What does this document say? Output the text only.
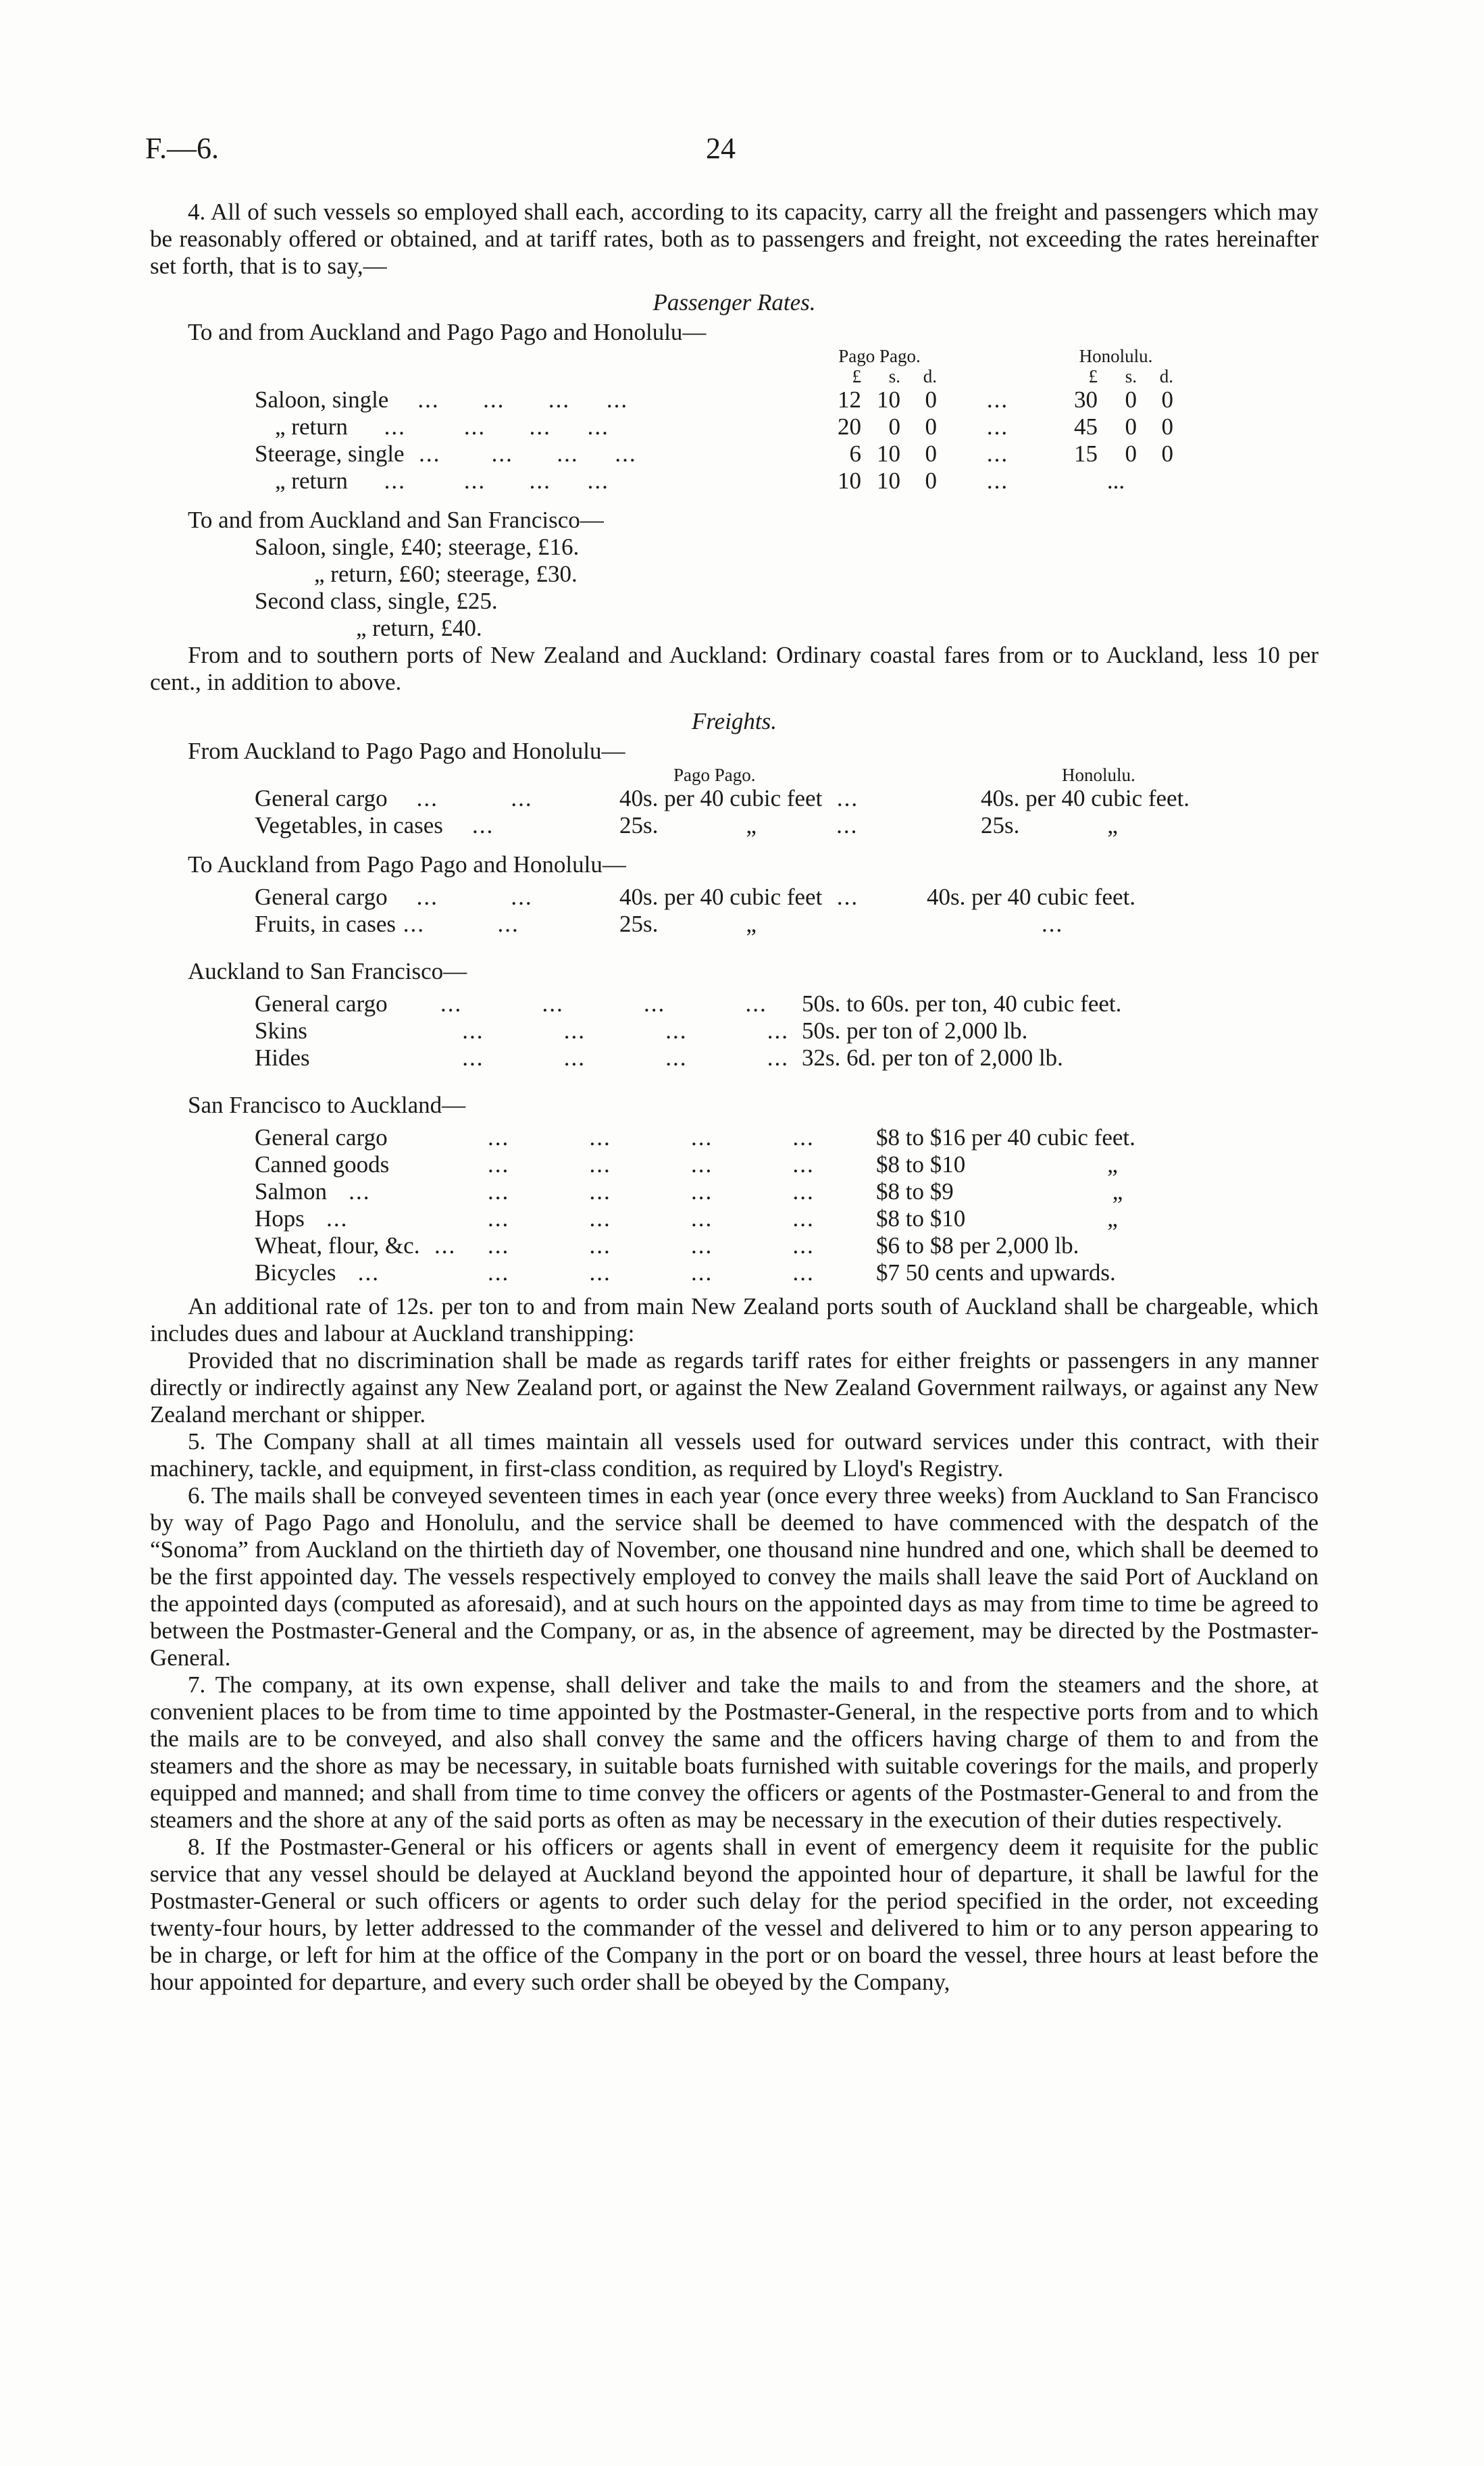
F.—6.	24

4. All of such vessels so employed shall each, according to its capacity, carry all the freight and passengers which may be reasonably offered or obtained, and at tariff rates, both as to passengers and freight, not exceeding the rates hereinafter set forth, that is to say,—

Passenger Rates.

To and from Auckland and Pago Pago and Honolulu—

	Pago Pago.				Honolulu.		
	£	s.	d.		£	s.	d.
Saloon, single    ...      ...      ...     ...	12	10	0	...	30	0	0
„ return     ...        ...      ...     ...	20	0	0	...	45	0	0
Steerage, single  ...       ...      ...     ...	6	10	0	...	15	0	0
„ return     ...        ...      ...     ...	10	10	0	...	...		

To and from Auckland and San Francisco—

Saloon, single, £40; steerage, £16.
„ return, £60; steerage, £30.
Second class, single, £25.
„ return, £40.

From and to southern ports of New Zealand and Auckland: Ordinary coastal fares from or to Auckland, less 10 per cent., in addition to above.

Freights.

From Auckland to Pago Pago and Honolulu—

	Pago Pago.	Honolulu.
General cargo    ...          ...	40s. per 40 cubic feet  ...	40s. per 40 cubic feet.
Vegetables, in cases    ...	25s. „           ...	25s. „

To Auckland from Pago Pago and Honolulu—

General cargo    ...          ...	40s. per 40 cubic feet  ...	40s. per 40 cubic feet.
Fruits, in cases ...          ...	25s. „	...

Auckland to San Francisco—

General cargo	...           ...           ...           ...	50s. to 60s. per ton, 40 cubic feet.
Skins	...           ...           ...           ...	50s. per ton of 2,000 lb.
Hides	...           ...           ...           ...	32s. 6d. per ton of 2,000 lb.

San Francisco to Auckland—

General cargo	...           ...           ...           ...	$8 to $16 per 40 cubic feet.
Canned goods	...           ...           ...           ...	$8 to $10 „
Salmon   ...	...           ...           ...           ...	$8 to $9 „
Hops   ...	...           ...           ...           ...	$8 to $10 „
Wheat, flour, &c.  ...	...           ...           ...           ...	$6 to $8 per 2,000 lb.
Bicycles   ...	...           ...           ...           ...	$7 50 cents and upwards.

An additional rate of 12s. per ton to and from main New Zealand ports south of Auckland shall be chargeable, which includes dues and labour at Auckland transhipping:

Provided that no discrimination shall be made as regards tariff rates for either freights or passengers in any manner directly or indirectly against any New Zealand port, or against the New Zealand Government railways, or against any New Zealand merchant or shipper.

5. The Company shall at all times maintain all vessels used for outward services under this contract, with their machinery, tackle, and equipment, in first-class condition, as required by Lloyd's Registry.

6. The mails shall be conveyed seventeen times in each year (once every three weeks) from Auckland to San Francisco by way of Pago Pago and Honolulu, and the service shall be deemed to have commenced with the despatch of the “Sonoma” from Auckland on the thirtieth day of November, one thousand nine hundred and one, which shall be deemed to be the first appointed day. The vessels respectively employed to convey the mails shall leave the said Port of Auckland on the appointed days (computed as aforesaid), and at such hours on the appointed days as may from time to time be agreed to between the Postmaster-General and the Company, or as, in the absence of agreement, may be directed by the Postmaster-General.

7. The company, at its own expense, shall deliver and take the mails to and from the steamers and the shore, at convenient places to be from time to time appointed by the Postmaster-General, in the respective ports from and to which the mails are to be conveyed, and also shall convey the same and the officers having charge of them to and from the steamers and the shore as may be necessary, in suitable boats furnished with suitable coverings for the mails, and properly equipped and manned; and shall from time to time convey the officers or agents of the Postmaster-General to and from the steamers and the shore at any of the said ports as often as may be necessary in the execution of their duties respectively.

8. If the Postmaster-General or his officers or agents shall in event of emergency deem it requisite for the public service that any vessel should be delayed at Auckland beyond the appointed hour of departure, it shall be lawful for the Postmaster-General or such officers or agents to order such delay for the period specified in the order, not exceeding twenty-four hours, by letter addressed to the commander of the vessel and delivered to him or to any person appearing to be in charge, or left for him at the office of the Company in the port or on board the vessel, three hours at least before the hour appointed for departure, and every such order shall be obeyed by the Company,
